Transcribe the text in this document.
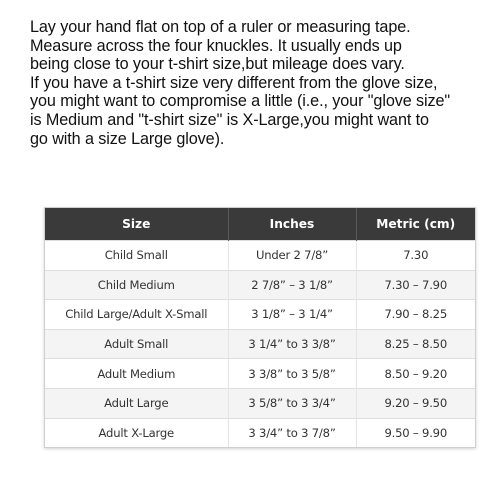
Lay your hand flat on top of a ruler or measuring tape.

Measure across the four knuckles. It usually ends up

being close to your t-shirt size,but mileage does vary.

If you have a t-shirt size very different from the glove size,

you might want to compromise a little (i.e., your "glove size"

is Medium and "t-shirt size" is X-Large,you might want to

go with a size Large glove).

Size	Inches	Metric (cm)
Child Small	Under 2 7/8”	7.30
Child Medium	2 7/8” – 3 1/8”	7.30 – 7.90
Child Large/Adult X-Small	3 1/8” – 3 1/4”	7.90 – 8.25
Adult Small	3 1/4” to 3 3/8”	8.25 – 8.50
Adult Medium	3 3/8” to 3 5/8”	8.50 – 9.20
Adult Large	3 5/8” to 3 3/4”	9.20 – 9.50
Adult X-Large	3 3/4” to 3 7/8”	9.50 – 9.90
